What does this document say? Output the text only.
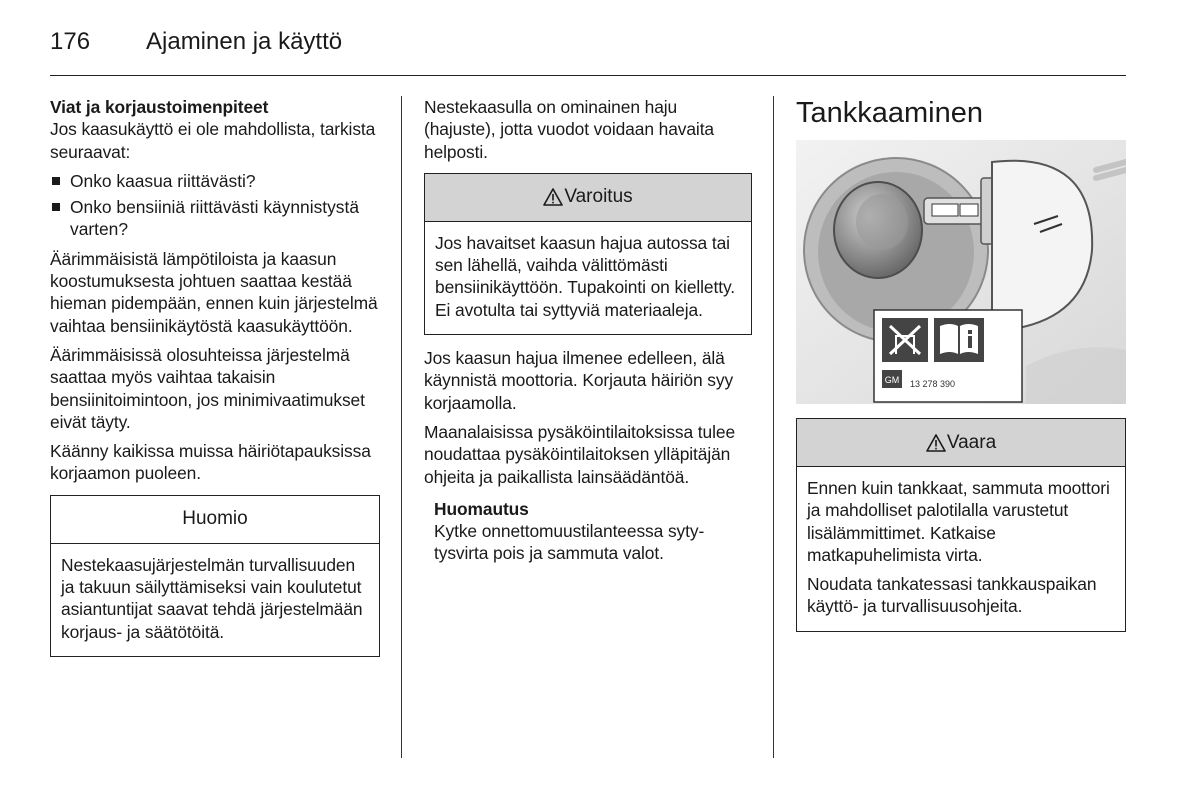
176 Ajaminen ja käyttö

Viat ja korjaustoimenpiteet

Jos kaasukäyttö ei ole mahdollista, tarkista seuraavat:

Onko kaasua riittävästi?
Onko bensiiniä riittävästi käynnistystä varten?

Äärimmäisistä lämpötiloista ja kaasun koostumuksesta johtuen saattaa kestää hieman pidempään, ennen kuin järjestelmä vaihtaa bensiinikäytöstä kaasukäyttöön.

Äärimmäisissä olosuhteissa järjestelmä saattaa myös vaihtaa takaisin bensiinitoimintoon, jos minimivaatimukset eivät täyty.

Käänny kaikissa muissa häiriötapauksissa korjaamon puoleen.

Huomio

Nestekaasujärjestelmän turvallisuuden ja takuun säilyttämiseksi vain koulutetut asiantuntijat saavat tehdä järjestelmään korjaus- ja säätötöitä.

Nestekaasulla on ominainen haju (hajuste), jotta vuodot voidaan havaita helposti.

Varoitus

Jos havaitset kaasun hajua autossa tai sen lähellä, vaihda välittömästi bensiinikäyttöön. Tupakointi on kielletty. Ei avotulta tai syttyviä materiaaleja.

Jos kaasun hajua ilmenee edelleen, älä käynnistä moottoria. Korjauta häiriön syy korjaamolla.

Maanalaisissa pysäköintilaitoksissa tulee noudattaa pysäköintilaitoksen ylläpitäjän ohjeita ja paikallista lainsäädäntöä.

Huomautus

Kytke onnettomuustilanteessa sytytysvirta pois ja sammuta valot.

Tankkaaminen
GM 13 278 390
Vaara

Ennen kuin tankkaat, sammuta moottori ja mahdolliset palotilalla varustetut lisälämmittimet. Katkaise matkapuhelimista virta.

Noudata tankatessasi tankkauspaikan käyttö- ja turvallisuusohjeita.
